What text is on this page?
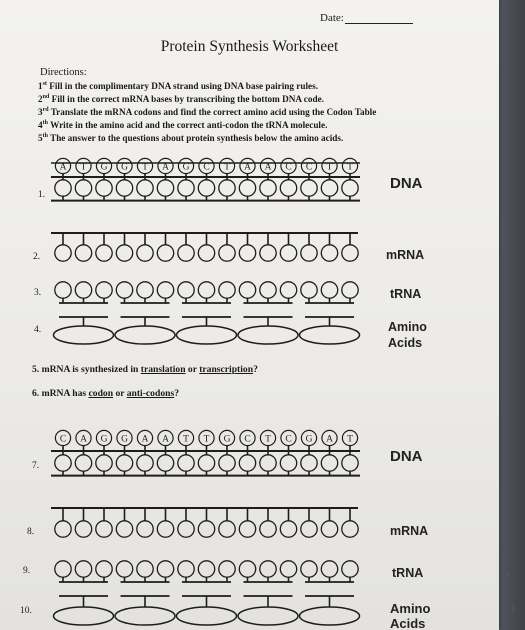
Date:
Protein Synthesis Worksheet
Directions:
1st Fill in the complimentary DNA strand using DNA base pairing rules.
2nd Fill in the correct mRNA bases by transcribing the bottom DNA code.
3rd Translate the mRNA codons and find the correct amino acid using the Codon Table
4th Write in the amino acid and the correct anti-codon the tRNA molecule.
5th The answer to the questions about protein synthesis below the amino acids.
A T G G T A G C T A A C C T T
1.
DNA
2.	mRNA
3.	tRNA
4.	Amino
Acids
5. mRNA is synthesized in translation or transcription?
6. mRNA has codon or anti-codons?
C A G G A A T T G C T C G A T
7.
DNA
8.	mRNA
9.	tRNA
10.	Amino
Acids
~
|
